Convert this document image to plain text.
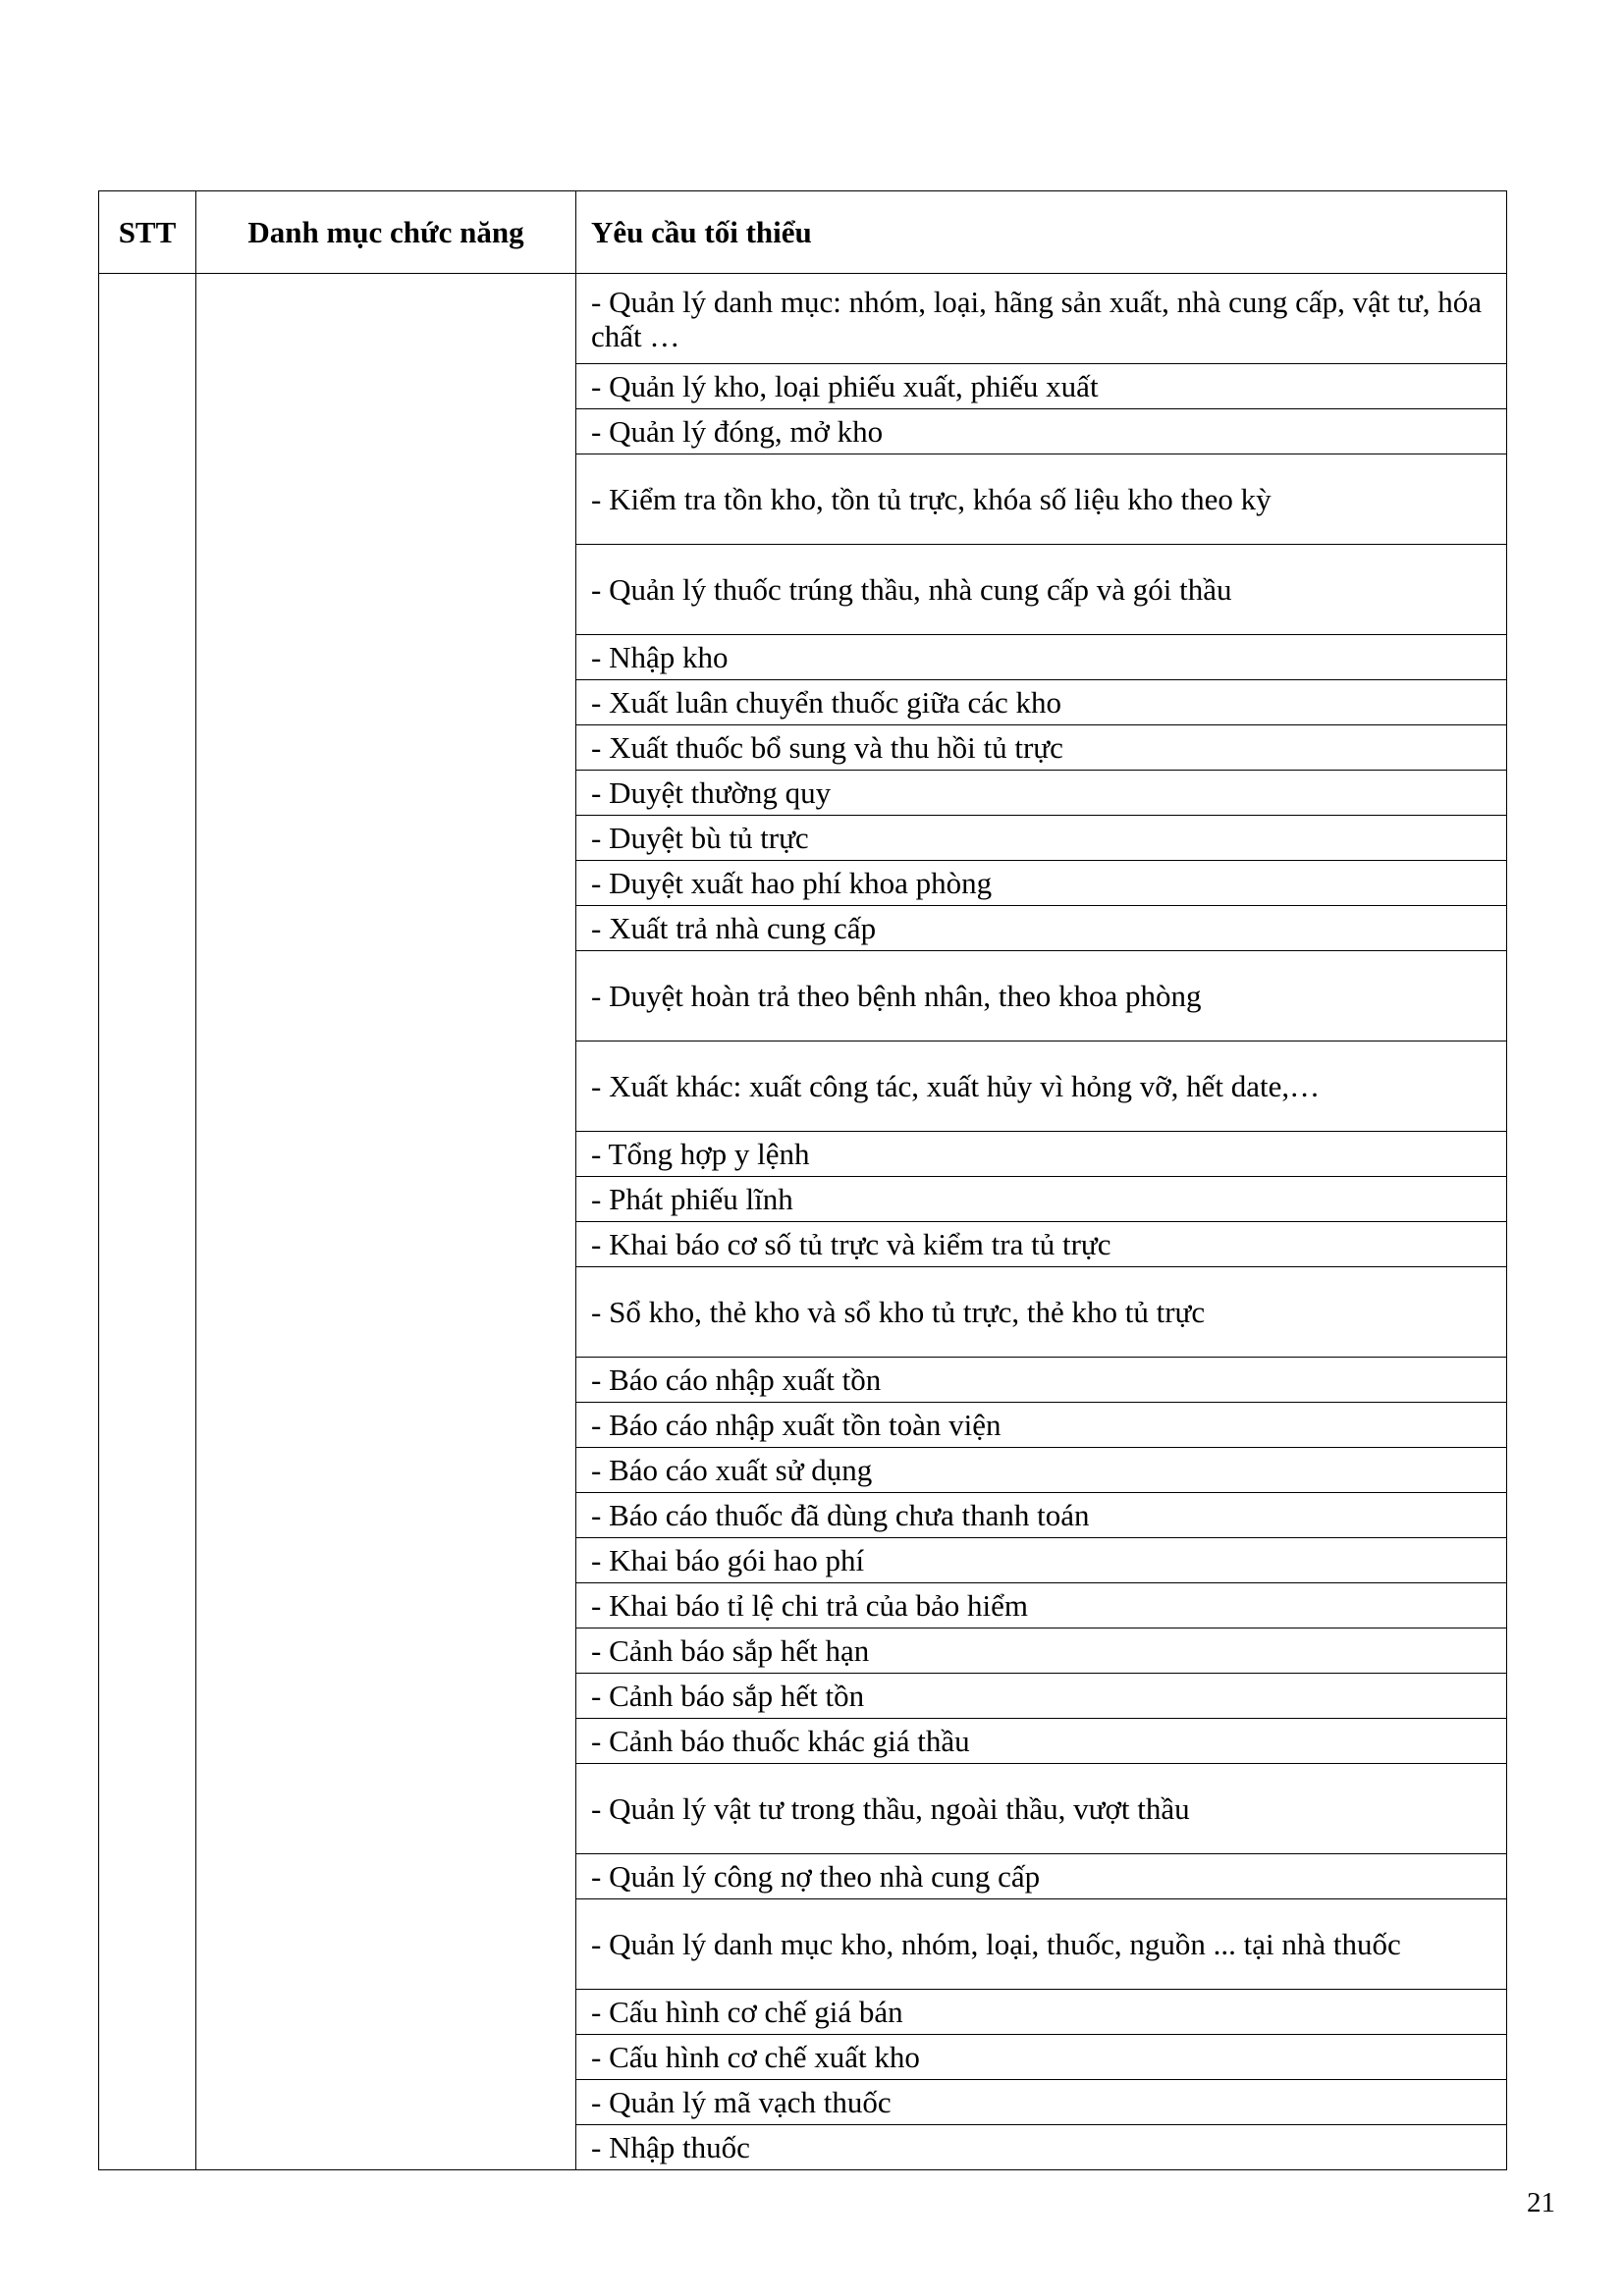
STT	Danh mục chức năng	Yêu cầu tối thiểu
		- Quản lý danh mục: nhóm, loại, hãng sản xuất, nhà cung cấp, vật tư, hóa chất …
		- Quản lý kho, loại phiếu xuất, phiếu xuất
		- Quản lý đóng, mở kho
		- Kiểm tra tồn kho, tồn tủ trực, khóa số liệu kho theo kỳ
		- Quản lý thuốc trúng thầu, nhà cung cấp và gói thầu
		- Nhập kho
		- Xuất luân chuyển thuốc giữa các kho
		- Xuất thuốc bổ sung và thu hồi tủ trực
		- Duyệt thường quy
		- Duyệt bù tủ trực
		- Duyệt xuất hao phí khoa phòng
		- Xuất trả nhà cung cấp
		- Duyệt hoàn trả theo bệnh nhân, theo khoa phòng
		- Xuất khác: xuất công tác, xuất hủy vì hỏng vỡ, hết date,…
		- Tổng hợp y lệnh
		- Phát phiếu lĩnh
		- Khai báo cơ số tủ trực và kiểm tra tủ trực
		- Sổ kho, thẻ kho và sổ kho tủ trực, thẻ kho tủ trực
		- Báo cáo nhập xuất tồn
		- Báo cáo nhập xuất tồn toàn viện
		- Báo cáo xuất sử dụng
		- Báo cáo thuốc đã dùng chưa thanh toán
		- Khai báo gói hao phí
		- Khai báo tỉ lệ chi trả của bảo hiểm
		- Cảnh báo sắp hết hạn
		- Cảnh báo sắp hết tồn
		- Cảnh báo thuốc khác giá thầu
		- Quản lý vật tư trong thầu, ngoài thầu, vượt thầu
		- Quản lý công nợ theo nhà cung cấp
		- Quản lý danh mục kho, nhóm, loại, thuốc, nguồn ... tại nhà thuốc
		- Cấu hình cơ chế giá bán
		- Cấu hình cơ chế xuất kho
		- Quản lý mã vạch thuốc
		- Nhập thuốc
21
